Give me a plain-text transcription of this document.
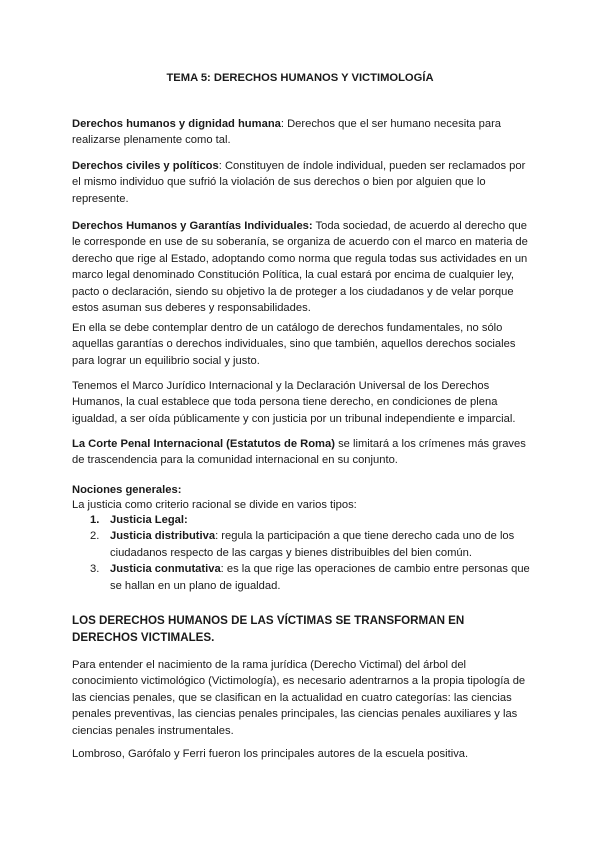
TEMA 5: DERECHOS HUMANOS Y VICTIMOLOGÍA

Derechos humanos y dignidad humana: Derechos que el ser humano necesita para realizarse plenamente como tal.

Derechos civiles y políticos: Constituyen de índole individual, pueden ser reclamados por el mismo individuo que sufrió la violación de sus derechos o bien por alguien que lo represente.

Derechos Humanos y Garantías Individuales: Toda sociedad, de acuerdo al derecho que le corresponde en use de su soberanía, se organiza de acuerdo con el marco en materia de derecho que rige al Estado, adoptando como norma que regula todas sus actividades en un marco legal denominado Constitución Política, la cual estará por encima de cualquier ley, pacto o declaración, siendo su objetivo la de proteger a los ciudadanos y de velar porque estos asuman sus deberes y responsabilidades.

En ella se debe contemplar dentro de un catálogo de derechos fundamentales, no sólo aquellas garantías o derechos individuales, sino que también, aquellos derechos sociales para lograr un equilibrio social y justo.

Tenemos el Marco Jurídico Internacional y la Declaración Universal de los Derechos Humanos, la cual establece que toda persona tiene derecho, en condiciones de plena igualdad, a ser oída públicamente y con justicia por un tribunal independiente e imparcial.

La Corte Penal Internacional (Estatutos de Roma) se limitará a los crímenes más graves de trascendencia para la comunidad internacional en su conjunto.

Nociones generales:

La justicia como criterio racional se divide en varios tipos:

1. Justicia Legal:
2. Justicia distributiva: regula la participación a que tiene derecho cada uno de los ciudadanos respecto de las cargas y bienes distribuibles del bien común.
3. Justicia conmutativa: es la que rige las operaciones de cambio entre personas que se hallan en un plano de igualdad.

LOS DERECHOS HUMANOS DE LAS VÍCTIMAS SE TRANSFORMAN EN DERECHOS VICTIMALES.

Para entender el nacimiento de la rama jurídica (Derecho Victimal) del árbol del conocimiento victimológico (Victimología), es necesario adentrarnos a la propia tipología de las ciencias penales, que se clasifican en la actualidad en cuatro categorías: las ciencias penales preventivas, las ciencias penales principales, las ciencias penales auxiliares y las ciencias penales instrumentales.

Lombroso, Garófalo y Ferri fueron los principales autores de la escuela positiva.
